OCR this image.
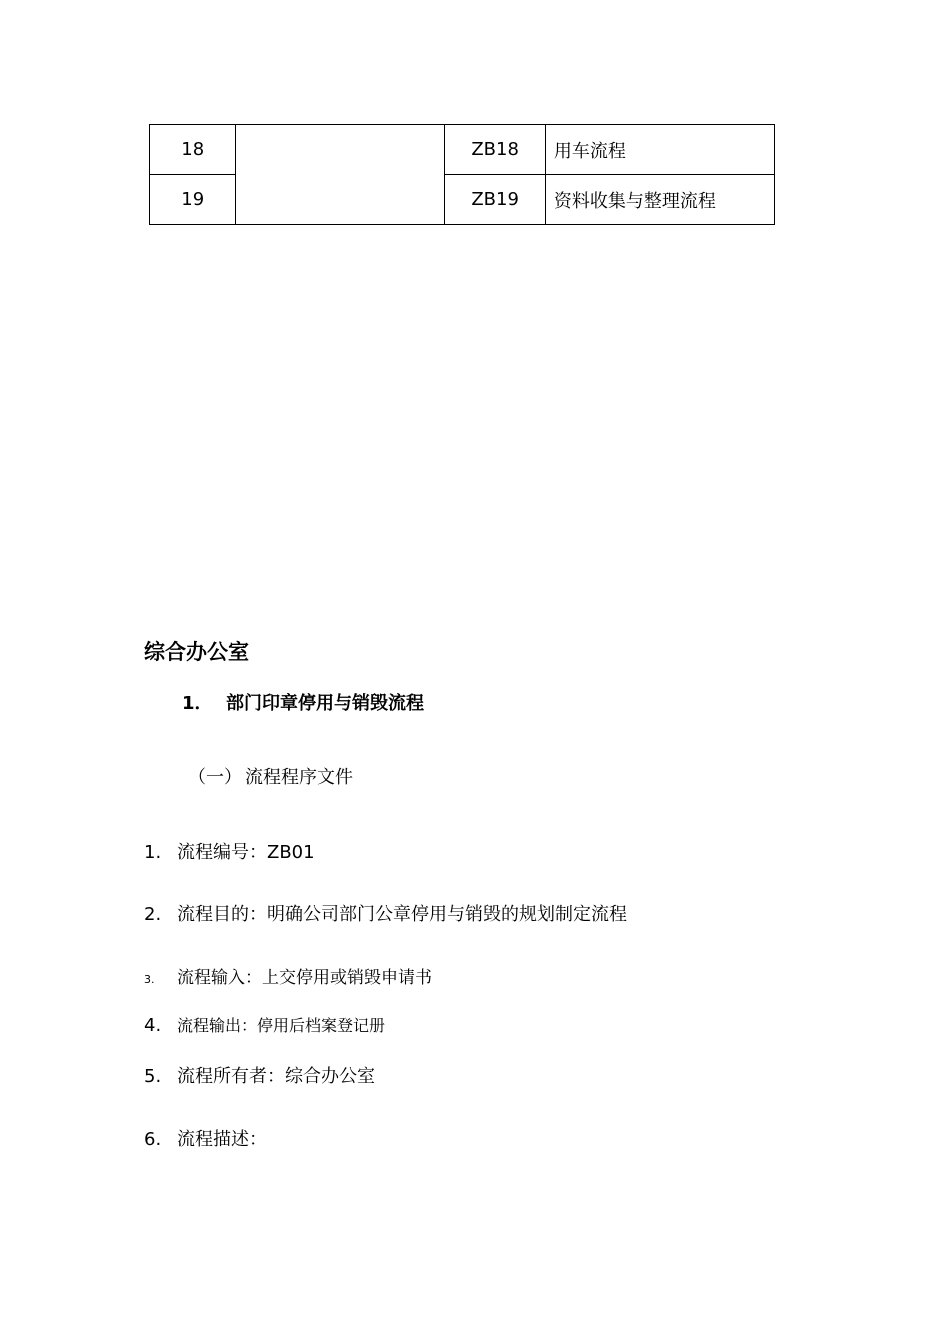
18		ZB18	用车流程
19		ZB19	资料收集与整理流程
综合办公室
1． 部门印章停用与销毁流程
（一） 流程程序文件
1. 流程编号：ZB01
2. 流程目的：明确公司部门公章停用与销毁的规划制定流程
3. 流程输入：上交停用或销毁申请书
4. 流程输出：停用后档案登记册
5. 流程所有者：综合办公室
6. 流程描述：
